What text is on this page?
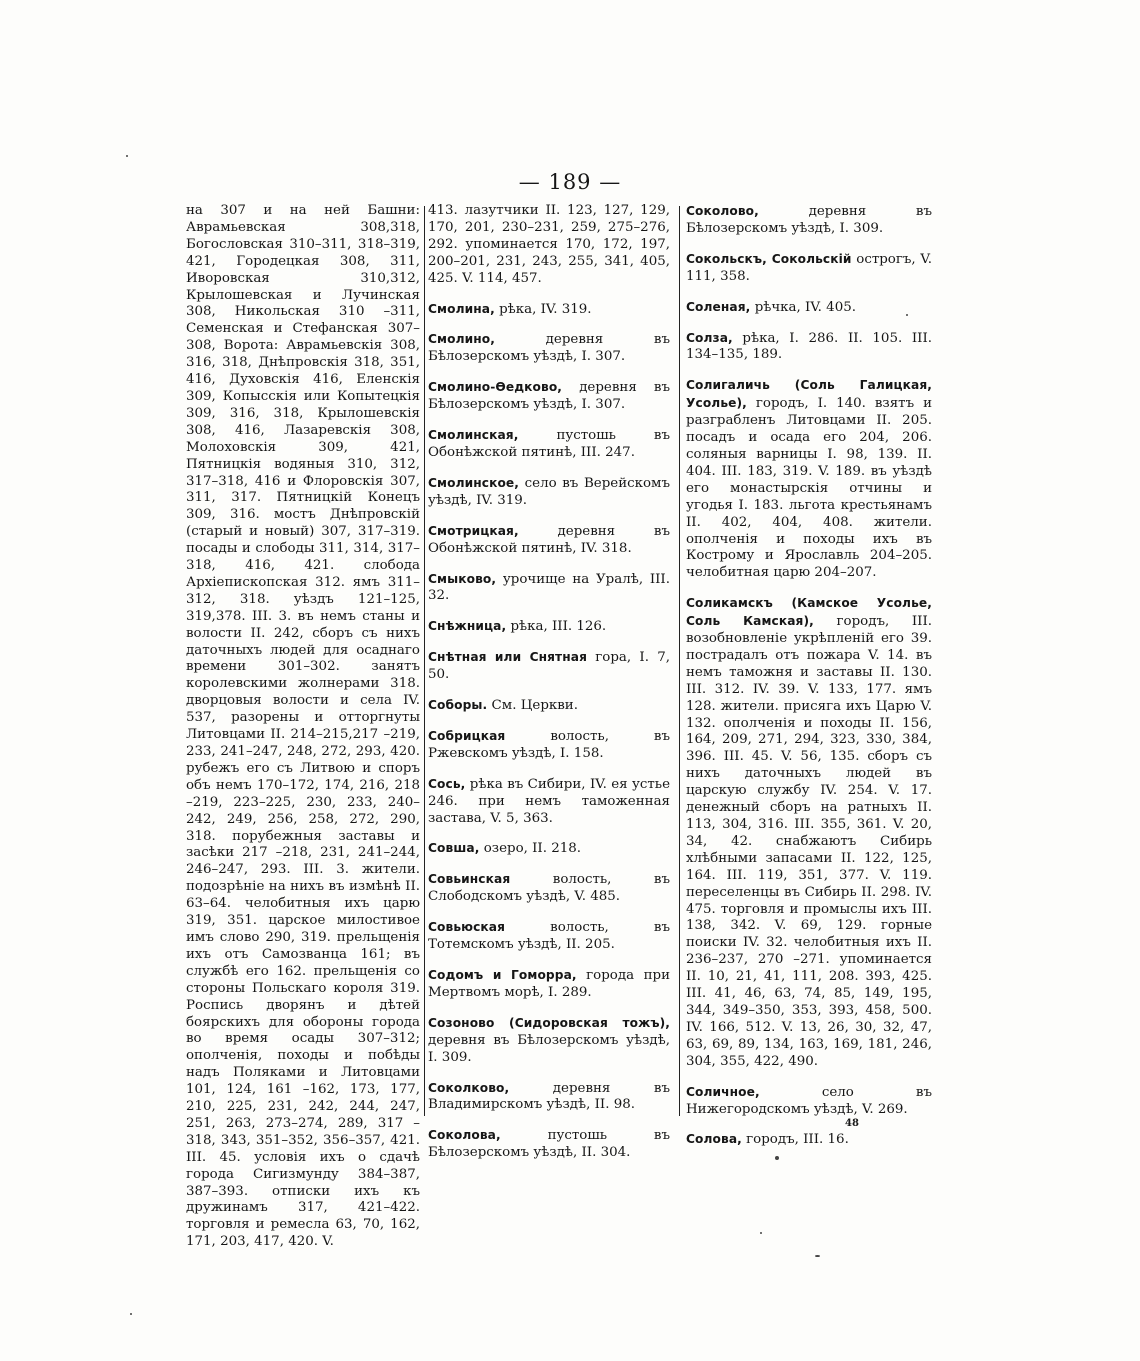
— 189 —

на 307 и на ней Башни: Аврамьевская 308,318, Богословская 310–311, 318–319, 421, Городецкая 308, 311, Иворовская 310,312, Крылошевская и Лучинская 308, Никольская 310 –311, Семенская и Стефанская 307–308, Ворота: Аврамьевскія 308, 316, 318, Днѣпровскія 318, 351, 416, Духовскія 416, Еленскія 309, Копысскія или Копытецкія 309, 316, 318, Крылошевскія 308, 416, Лазаревскія 308, Молоховскія 309, 421, Пятницкія водяныя 310, 312, 317–318, 416 и Флоровскія 307, 311, 317. Пятницкій Конецъ 309, 316. мостъ Днѣпровскій (старый и новый) 307, 317–319. посады и слободы 311, 314, 317–318, 416, 421. слобода Архіепископская 312. ямъ 311–312, 318. уѣздъ 121–125, 319,378. III. 3. въ немъ станы и волости II. 242, сборъ съ нихъ даточныхъ людей для осаднаго времени 301–302. занятъ королевскими жолнерами 318. дворцовыя волости и села IV. 537, разорены и отторгнуты Литовцами II. 214–215,217 –219, 233, 241–247, 248, 272, 293, 420. рубежъ его съ Литвою и споръ объ немъ 170–172, 174, 216, 218 –219, 223–225, 230, 233, 240–242, 249, 256, 258, 272, 290, 318. порубежныя заставы и засѣки 217 –218, 231, 241–244, 246–247, 293. III. 3. жители. подозрѣніе на нихъ въ измѣнѣ II. 63–64. челобитныя ихъ царю 319, 351. царское милостивое имъ слово 290, 319. прельщенія ихъ отъ Самозванца 161; въ службѣ его 162. прельщенія со стороны Польскаго короля 319. Роспись дворянъ и дѣтей боярскихъ для обороны города во время осады 307–312; ополченія, походы и побѣды надъ Поляками и Литовцами 101, 124, 161 –162, 173, 177, 210, 225, 231, 242, 244, 247, 251, 263, 273–274, 289, 317 –318, 343, 351–352, 356–357, 421. III. 45. условія ихъ о сдачѣ города Сигизмунду 384–387, 387–393. отписки ихъ къ дружинамъ 317, 421–422. торговля и ремесла 63, 70, 162, 171, 203, 417, 420. V.

413. лазутчики II. 123, 127, 129, 170, 201, 230–231, 259, 275–276, 292. упоминается 170, 172, 197, 200–201, 231, 243, 255, 341, 405, 425. V. 114, 457.

Смолина, рѣка, IV. 319.

Смолино,	деревня въ Бѣлозерскомъ уѣздѣ, I. 307.

Смолино-Ѳедково, деревня въ Бѣлозерскомъ уѣздѣ, I. 307.

Смолинская,	пустошь въ Обонѣжской пятинѣ, III. 247.

Смолинское, село въ Верейскомъ уѣздѣ, IV. 319.

Смотрицкая,	деревня въ Обонѣжской пятинѣ, IV. 318.

Смыково, урочище на Уралѣ, III. 32.

Снѣжница, рѣка, III. 126.

Снѣтная или Снятная гора, I. 7, 50.

Соборы. См. Церкви.

Собрицкая	волость, въ Ржевскомъ уѣздѣ, I. 158.

Сось, рѣка въ Сибири, IV. ея устье 246. при немъ таможенная застава, V. 5, 363.

Совша, озеро, II. 218.

Совьинская	волость, въ Слободскомъ уѣздѣ, V. 485.

Совьюская	волость, въ Тотемскомъ уѣздѣ, II. 205.

Содомъ и Гоморра, города при Мертвомъ морѣ, I. 289.

Созоново (Сидоровская тожъ), деревня въ Бѣлозерскомъ уѣздѣ, I. 309.

Соколково,	деревня въ Владимирскомъ уѣздѣ, II. 98.

Соколова,	пустошь въ Бѣлозерскомъ уѣздѣ, II. 304.

Соколово,	деревня въ Бѣлозерскомъ уѣздѣ, I. 309.

Сокольскъ, Сокольскій острогъ, V. 111, 358.

Соленая, рѣчка, IV. 405.

Солза, рѣка, I. 286. II. 105. III. 134–135, 189.

Солигаличь (Соль Галицкая, Усолье), городъ, I. 140. взятъ и разграбленъ Литовцами II. 205. посадъ и осада его 204, 206. соляныя варницы I. 98, 139. II. 404. III. 183, 319. V. 189. въ уѣздѣ его монастырскія отчины и угодья I. 183. льгота крестьянамъ II. 402, 404, 408. жители. ополченія и походы ихъ въ Кострому и Ярославль 204–205. челобитная царю 204–207.

Соликамскъ (Камское Усолье, Соль Камская), городъ, III. возобновленіе укрѣпленій его 39. пострадалъ отъ пожара V. 14. въ немъ таможня и заставы II. 130. III. 312. IV. 39. V. 133, 177. ямъ 128. жители. присяга ихъ Царю V. 132. ополченія и походы II. 156, 164, 209, 271, 294, 323, 330, 384, 396. III. 45. V. 56, 135. сборъ съ нихъ даточныхъ людей въ царскую службу IV. 254. V. 17. денежный сборъ на ратныхъ II. 113, 304, 316. III. 355, 361. V. 20, 34, 42. снабжаютъ Сибирь хлѣбными запасами II. 122, 125, 164. III. 119, 351, 377. V. 119. переселенцы въ Сибирь II. 298. IV. 475. торговля и промыслы ихъ III. 138, 342. V. 69, 129. горные поиски IV. 32. челобитныя ихъ II. 236–237, 270 –271. упоминается II. 10, 21, 41, 111, 208. 393, 425. III. 41, 46, 63, 74, 85, 149, 195, 344, 349–350, 353, 393, 458, 500. IV. 166, 512. V. 13, 26, 30, 32, 47, 63, 69, 89, 134, 163, 169, 181, 246, 304, 355, 422, 490.

Соличное,	село въ Нижегородскомъ уѣздѣ, V. 269.

Солова, городъ, III. 16.

48
